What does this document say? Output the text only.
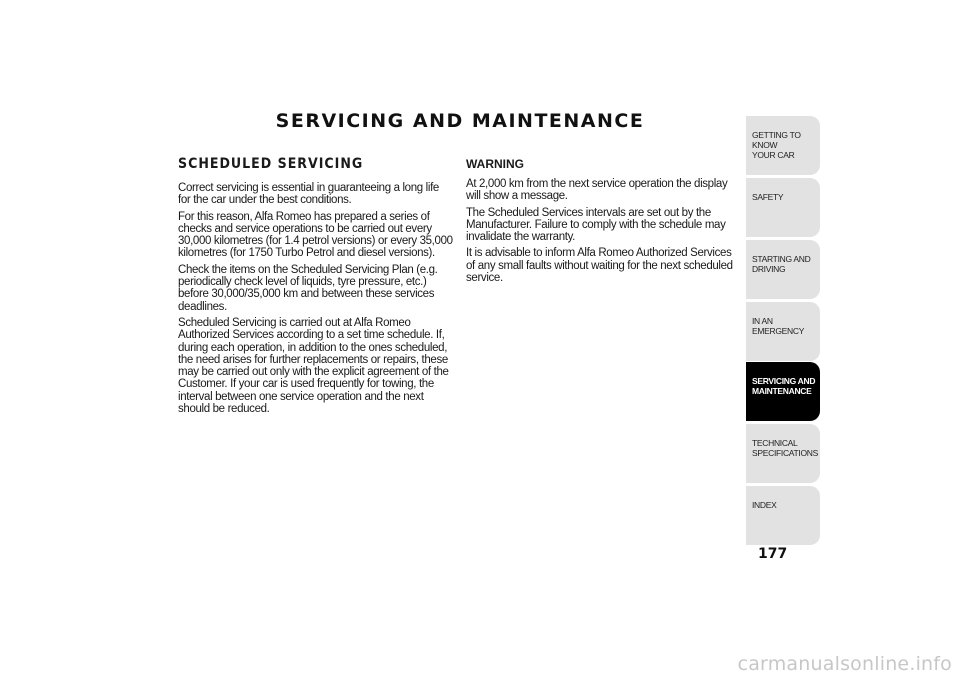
SERVICING AND MAINTENANCE
SCHEDULED SERVICING

Correct servicing is essential in guaranteeing a long life for the car under the best conditions.

For this reason, Alfa Romeo has prepared a series of checks and service operations to be carried out every 30,000 kilometres (for 1.4 petrol versions) or every 35,000 kilometres (for 1750 Turbo Petrol and diesel versions).

Check the items on the Scheduled Servicing Plan (e.g. periodically check level of liquids, tyre pressure, etc.) before 30,000/35,000 km and between these services deadlines.

Scheduled Servicing is carried out at Alfa Romeo Authorized Services according to a set time schedule. If, during each operation, in addition to the ones scheduled, the need arises for further replacements or repairs, these may be carried out only with the explicit agreement of the Customer. If your car is used frequently for towing, the interval between one service operation and the next should be reduced.

WARNING

At 2,000 km from the next service operation the display will show a message.

The Scheduled Services intervals are set out by the Manufacturer. Failure to comply with the schedule may invalidate the warranty.

It is advisable to inform Alfa Romeo Authorized Services of any small faults without waiting for the next scheduled service.

GETTING TO KNOW
YOUR CAR
SAFETY
STARTING AND
DRIVING
IN AN EMERGENCY
SERVICING AND
MAINTENANCE
TECHNICAL
SPECIFICATIONS
INDEX
177
carmanualsonline.info
